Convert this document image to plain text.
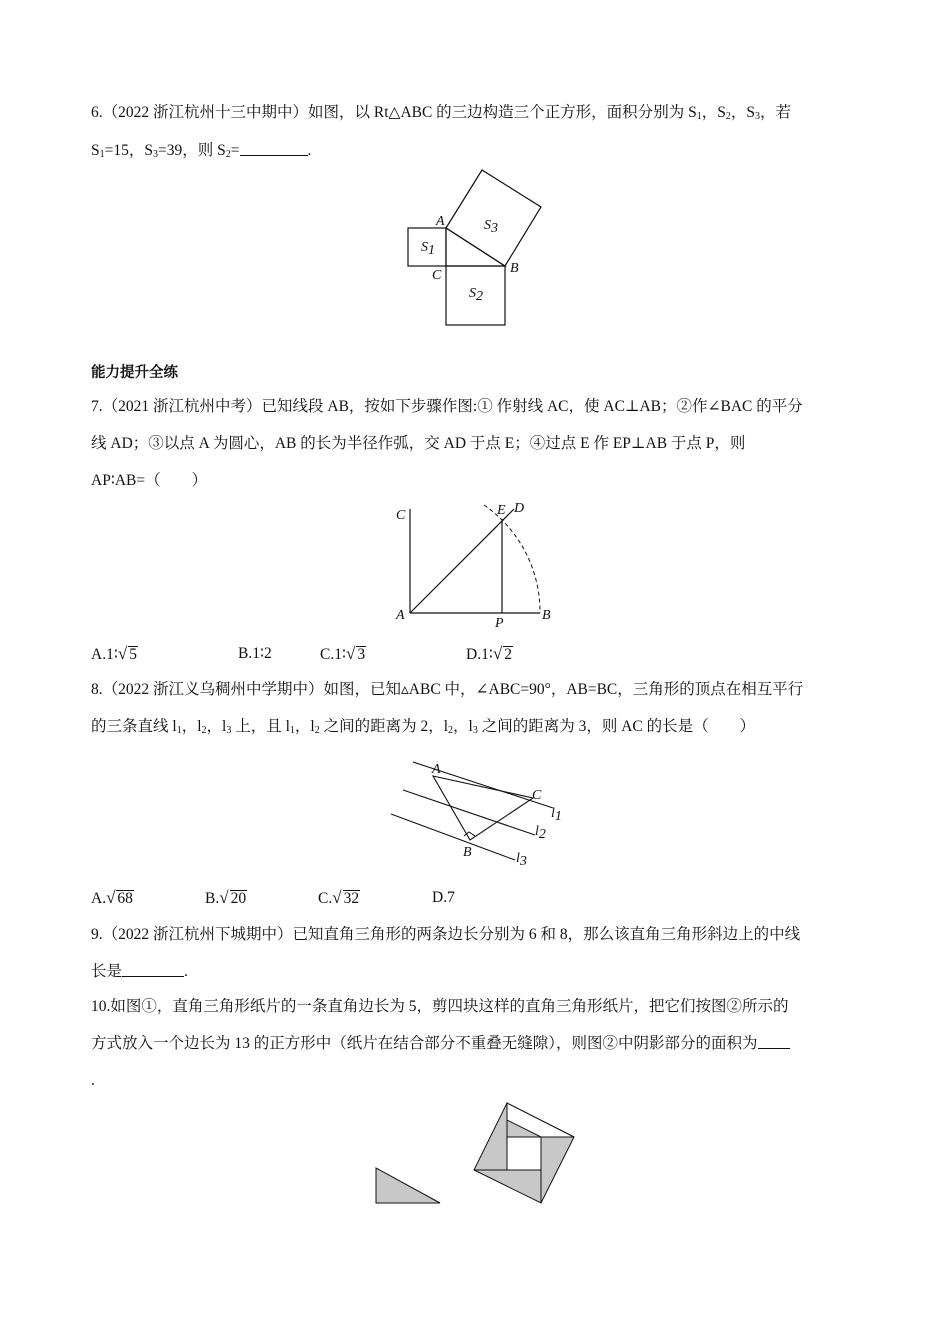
6.（2022 浙江杭州十三中期中）如图，以 Rt△ABC 的三边构造三个正方形，面积分别为 $S_1$，$S_2$，$S_3$，若
$S_1=15$，$S_3=39$，则 $S_2=$	.
A
B
C
S1
S2
S3
能力提升全练
7.（2021 浙江杭州中考）已知线段 AB，按如下步骤作图:① 作射线 AC，使 AC⊥AB；②作∠BAC 的平分
线 AD；③以点 A 为圆心，AB 的长为半径作弧，交 AD 于点 E；④过点 E 作 EP⊥AB 于点 P，则
AP∶AB=（　　）
C
A	B
E D
P
A.1∶√ 5	B.1∶2	C.1∶√ 3	D.1∶√ 2
8.（2022 浙江义乌稠州中学期中）如图，已知▵ABC 中，∠ABC=90°，AB=BC，三角形的顶点在相互平行
的三条直线 $l_1$，$l_2$，$l_3$ 上，且 $l_1$，$l_2$ 之间的距离为 2，$l_2$，$l_3$ 之间的距离为 3，则 AC 的长是（　　）
A
C
B
l1
l2
l3
A.√ 68	B.√ 20	C.√ 32	D.7
9.（2022 浙江杭州下城期中）已知直角三角形的两条边长分别为 6 和 8，那么该直角三角形斜边上的中线
长是	.
10.如图①，直角三角形纸片的一条直角边长为 5，剪四块这样的直角三角形纸片，把它们按图②所示的
方式放入一个边长为 13 的正方形中（纸片在结合部分不重叠无缝隙），则图②中阴影部分的面积为
.
